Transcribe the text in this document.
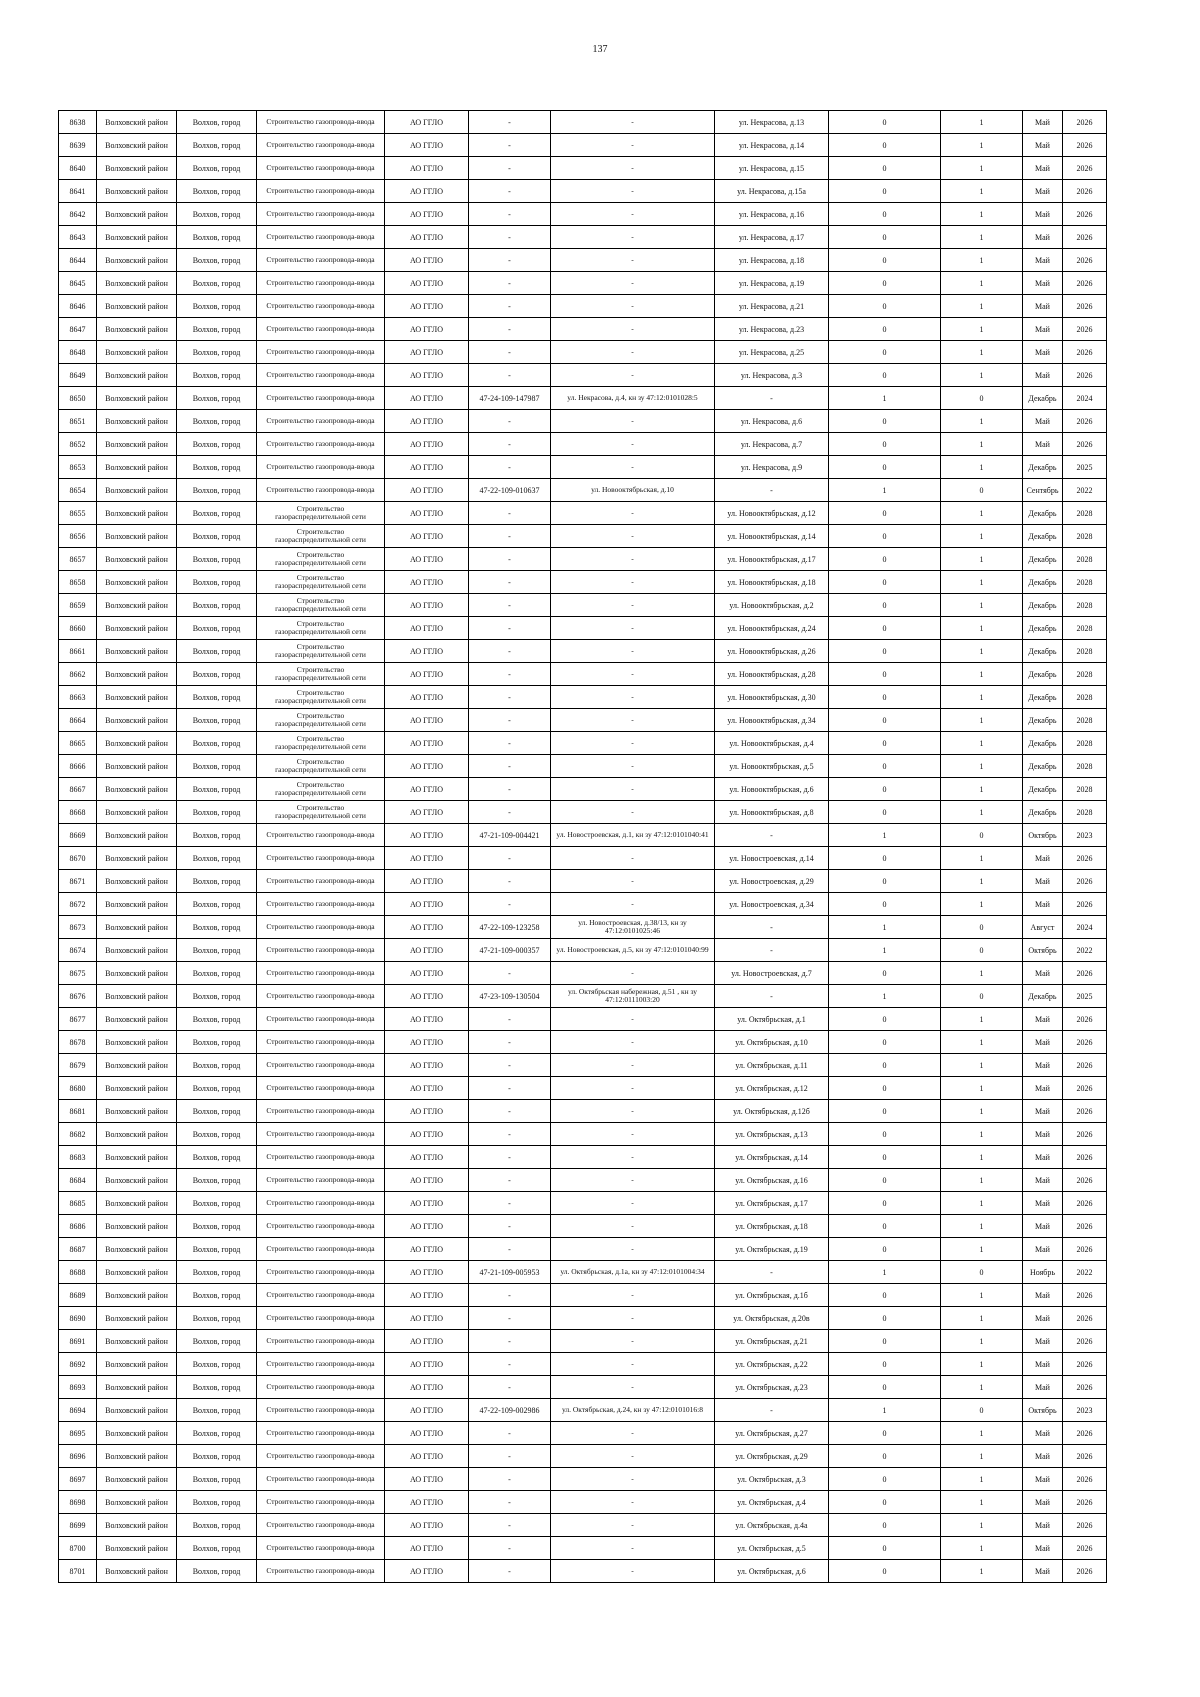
137
8638	Волховский район	Волхов, город	Строительство газопровода-ввода	АО ГГЛО	-	-	ул. Некрасова, д.13	0	1	Май	2026
8639	Волховский район	Волхов, город	Строительство газопровода-ввода	АО ГГЛО	-	-	ул. Некрасова, д.14	0	1	Май	2026
8640	Волховский район	Волхов, город	Строительство газопровода-ввода	АО ГГЛО	-	-	ул. Некрасова, д.15	0	1	Май	2026
8641	Волховский район	Волхов, город	Строительство газопровода-ввода	АО ГГЛО	-	-	ул. Некрасова, д.15а	0	1	Май	2026
8642	Волховский район	Волхов, город	Строительство газопровода-ввода	АО ГГЛО	-	-	ул. Некрасова, д.16	0	1	Май	2026
8643	Волховский район	Волхов, город	Строительство газопровода-ввода	АО ГГЛО	-	-	ул. Некрасова, д.17	0	1	Май	2026
8644	Волховский район	Волхов, город	Строительство газопровода-ввода	АО ГГЛО	-	-	ул. Некрасова, д.18	0	1	Май	2026
8645	Волховский район	Волхов, город	Строительство газопровода-ввода	АО ГГЛО	-	-	ул. Некрасова, д.19	0	1	Май	2026
8646	Волховский район	Волхов, город	Строительство газопровода-ввода	АО ГГЛО	-	-	ул. Некрасова, д.21	0	1	Май	2026
8647	Волховский район	Волхов, город	Строительство газопровода-ввода	АО ГГЛО	-	-	ул. Некрасова, д.23	0	1	Май	2026
8648	Волховский район	Волхов, город	Строительство газопровода-ввода	АО ГГЛО	-	-	ул. Некрасова, д.25	0	1	Май	2026
8649	Волховский район	Волхов, город	Строительство газопровода-ввода	АО ГГЛО	-	-	ул. Некрасова, д.3	0	1	Май	2026
8650	Волховский район	Волхов, город	Строительство газопровода-ввода	АО ГГЛО	47-24-109-147987	ул. Некрасова, д.4, кн зу 47:12:0101028:5	-	1	0	Декабрь	2024
8651	Волховский район	Волхов, город	Строительство газопровода-ввода	АО ГГЛО	-	-	ул. Некрасова, д.6	0	1	Май	2026
8652	Волховский район	Волхов, город	Строительство газопровода-ввода	АО ГГЛО	-	-	ул. Некрасова, д.7	0	1	Май	2026
8653	Волховский район	Волхов, город	Строительство газопровода-ввода	АО ГГЛО	-	-	ул. Некрасова, д.9	0	1	Декабрь	2025
8654	Волховский район	Волхов, город	Строительство газопровода-ввода	АО ГГЛО	47-22-109-010637	ул. Новооктябрьская, д.10	-	1	0	Сентябрь	2022
8655	Волховский район	Волхов, город	Строительство газораспределительной сети	АО ГГЛО	-	-	ул. Новооктябрьская, д.12	0	1	Декабрь	2028
8656	Волховский район	Волхов, город	Строительство газораспределительной сети	АО ГГЛО	-	-	ул. Новооктябрьская, д.14	0	1	Декабрь	2028
8657	Волховский район	Волхов, город	Строительство газораспределительной сети	АО ГГЛО	-	-	ул. Новооктябрьская, д.17	0	1	Декабрь	2028
8658	Волховский район	Волхов, город	Строительство газораспределительной сети	АО ГГЛО	-	-	ул. Новооктябрьская, д.18	0	1	Декабрь	2028
8659	Волховский район	Волхов, город	Строительство газораспределительной сети	АО ГГЛО	-	-	ул. Новооктябрьская, д.2	0	1	Декабрь	2028
8660	Волховский район	Волхов, город	Строительство газораспределительной сети	АО ГГЛО	-	-	ул. Новооктябрьская, д.24	0	1	Декабрь	2028
8661	Волховский район	Волхов, город	Строительство газораспределительной сети	АО ГГЛО	-	-	ул. Новооктябрьская, д.26	0	1	Декабрь	2028
8662	Волховский район	Волхов, город	Строительство газораспределительной сети	АО ГГЛО	-	-	ул. Новооктябрьская, д.28	0	1	Декабрь	2028
8663	Волховский район	Волхов, город	Строительство газораспределительной сети	АО ГГЛО	-	-	ул. Новооктябрьская, д.30	0	1	Декабрь	2028
8664	Волховский район	Волхов, город	Строительство газораспределительной сети	АО ГГЛО	-	-	ул. Новооктябрьская, д.34	0	1	Декабрь	2028
8665	Волховский район	Волхов, город	Строительство газораспределительной сети	АО ГГЛО	-	-	ул. Новооктябрьская, д.4	0	1	Декабрь	2028
8666	Волховский район	Волхов, город	Строительство газораспределительной сети	АО ГГЛО	-	-	ул. Новооктябрьская, д.5	0	1	Декабрь	2028
8667	Волховский район	Волхов, город	Строительство газораспределительной сети	АО ГГЛО	-	-	ул. Новооктябрьская, д.6	0	1	Декабрь	2028
8668	Волховский район	Волхов, город	Строительство газораспределительной сети	АО ГГЛО	-	-	ул. Новооктябрьская, д.8	0	1	Декабрь	2028
8669	Волховский район	Волхов, город	Строительство газопровода-ввода	АО ГГЛО	47-21-109-004421	ул. Новостроевская, д.1, кн зу 47:12:0101040:41	-	1	0	Октябрь	2023
8670	Волховский район	Волхов, город	Строительство газопровода-ввода	АО ГГЛО	-	-	ул. Новостроевская, д.14	0	1	Май	2026
8671	Волховский район	Волхов, город	Строительство газопровода-ввода	АО ГГЛО	-	-	ул. Новостроевская, д.29	0	1	Май	2026
8672	Волховский район	Волхов, город	Строительство газопровода-ввода	АО ГГЛО	-	-	ул. Новостроевская, д.34	0	1	Май	2026
8673	Волховский район	Волхов, город	Строительство газопровода-ввода	АО ГГЛО	47-22-109-123258	ул. Новостроевская, д.38/13, кн зу 47:12:0101025:46	-	1	0	Август	2024
8674	Волховский район	Волхов, город	Строительство газопровода-ввода	АО ГГЛО	47-21-109-000357	ул. Новостроевская, д.5, кн зу 47:12:0101040:99	-	1	0	Октябрь	2022
8675	Волховский район	Волхов, город	Строительство газопровода-ввода	АО ГГЛО	-	-	ул. Новостроевская, д.7	0	1	Май	2026
8676	Волховский район	Волхов, город	Строительство газопровода-ввода	АО ГГЛО	47-23-109-130504	ул. Октябрьская набережная, д.51 , кн зу 47:12:0111003:20	-	1	0	Декабрь	2025
8677	Волховский район	Волхов, город	Строительство газопровода-ввода	АО ГГЛО	-	-	ул. Октябрьская, д.1	0	1	Май	2026
8678	Волховский район	Волхов, город	Строительство газопровода-ввода	АО ГГЛО	-	-	ул. Октябрьская, д.10	0	1	Май	2026
8679	Волховский район	Волхов, город	Строительство газопровода-ввода	АО ГГЛО	-	-	ул. Октябрьская, д.11	0	1	Май	2026
8680	Волховский район	Волхов, город	Строительство газопровода-ввода	АО ГГЛО	-	-	ул. Октябрьская, д.12	0	1	Май	2026
8681	Волховский район	Волхов, город	Строительство газопровода-ввода	АО ГГЛО	-	-	ул. Октябрьская, д.12б	0	1	Май	2026
8682	Волховский район	Волхов, город	Строительство газопровода-ввода	АО ГГЛО	-	-	ул. Октябрьская, д.13	0	1	Май	2026
8683	Волховский район	Волхов, город	Строительство газопровода-ввода	АО ГГЛО	-	-	ул. Октябрьская, д.14	0	1	Май	2026
8684	Волховский район	Волхов, город	Строительство газопровода-ввода	АО ГГЛО	-	-	ул. Октябрьская, д.16	0	1	Май	2026
8685	Волховский район	Волхов, город	Строительство газопровода-ввода	АО ГГЛО	-	-	ул. Октябрьская, д.17	0	1	Май	2026
8686	Волховский район	Волхов, город	Строительство газопровода-ввода	АО ГГЛО	-	-	ул. Октябрьская, д.18	0	1	Май	2026
8687	Волховский район	Волхов, город	Строительство газопровода-ввода	АО ГГЛО	-	-	ул. Октябрьская, д.19	0	1	Май	2026
8688	Волховский район	Волхов, город	Строительство газопровода-ввода	АО ГГЛО	47-21-109-005953	ул. Октябрьская, д.1а, кн зу 47:12:0101004:34	-	1	0	Ноябрь	2022
8689	Волховский район	Волхов, город	Строительство газопровода-ввода	АО ГГЛО	-	-	ул. Октябрьская, д.1б	0	1	Май	2026
8690	Волховский район	Волхов, город	Строительство газопровода-ввода	АО ГГЛО	-	-	ул. Октябрьская, д.20в	0	1	Май	2026
8691	Волховский район	Волхов, город	Строительство газопровода-ввода	АО ГГЛО	-	-	ул. Октябрьская, д.21	0	1	Май	2026
8692	Волховский район	Волхов, город	Строительство газопровода-ввода	АО ГГЛО	-	-	ул. Октябрьская, д.22	0	1	Май	2026
8693	Волховский район	Волхов, город	Строительство газопровода-ввода	АО ГГЛО	-	-	ул. Октябрьская, д.23	0	1	Май	2026
8694	Волховский район	Волхов, город	Строительство газопровода-ввода	АО ГГЛО	47-22-109-002986	ул. Октябрьская, д.24, кн зу 47:12:0101016:8	-	1	0	Октябрь	2023
8695	Волховский район	Волхов, город	Строительство газопровода-ввода	АО ГГЛО	-	-	ул. Октябрьская, д.27	0	1	Май	2026
8696	Волховский район	Волхов, город	Строительство газопровода-ввода	АО ГГЛО	-	-	ул. Октябрьская, д.29	0	1	Май	2026
8697	Волховский район	Волхов, город	Строительство газопровода-ввода	АО ГГЛО	-	-	ул. Октябрьская, д.3	0	1	Май	2026
8698	Волховский район	Волхов, город	Строительство газопровода-ввода	АО ГГЛО	-	-	ул. Октябрьская, д.4	0	1	Май	2026
8699	Волховский район	Волхов, город	Строительство газопровода-ввода	АО ГГЛО	-	-	ул. Октябрьская, д.4а	0	1	Май	2026
8700	Волховский район	Волхов, город	Строительство газопровода-ввода	АО ГГЛО	-	-	ул. Октябрьская, д.5	0	1	Май	2026
8701	Волховский район	Волхов, город	Строительство газопровода-ввода	АО ГГЛО	-	-	ул. Октябрьская, д.6	0	1	Май	2026
